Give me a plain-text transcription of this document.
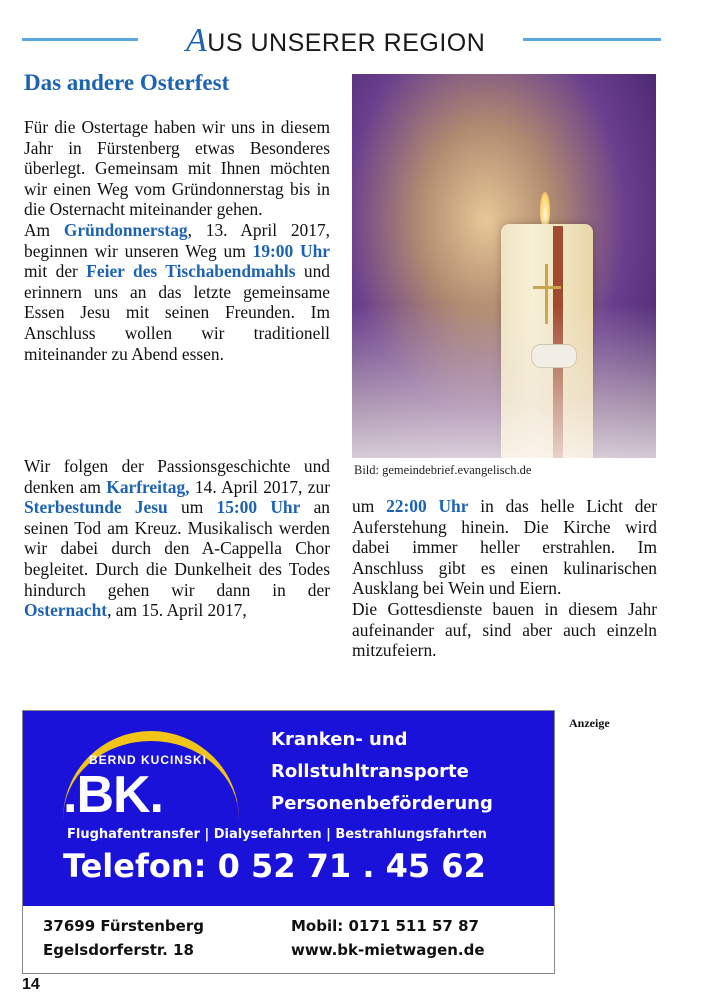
AUS UNSERER REGION
Das andere Osterfest
Für die Ostertage haben wir uns in diesem Jahr in Fürstenberg etwas Besonderes überlegt. Gemeinsam mit Ihnen möchten wir einen Weg vom Gründonnerstag bis in die Osternacht miteinander gehen.
Am Gründonnerstag, 13. April 2017, beginnen wir unseren Weg um 19:00 Uhr mit der Feier des Tischabendmahls und erinnern uns an das letzte gemeinsame Essen Jesu mit seinen Freunden. Im Anschluss wollen wir traditionell miteinander zu Abend essen.
Wir folgen der Passionsgeschichte und denken am Karfreitag, 14. April 2017, zur Sterbestunde Jesu um 15:00 Uhr an seinen Tod am Kreuz. Musikalisch werden wir dabei durch den A-Cappella Chor begleitet. Durch die Dunkelheit des Todes hindurch gehen wir dann in der Osternacht, am 15. April 2017,
Bild: gemeindebrief.evangelisch.de
um 22:00 Uhr in das helle Licht der Auferstehung hinein. Die Kirche wird dabei immer heller erstrahlen. Im Anschluss gibt es einen kulinarischen Ausklang bei Wein und Eiern.
Die Gottesdienste bauen in diesem Jahr aufeinander auf, sind aber auch einzeln mitzufeiern.
BERND KUCINSKI
.BK.
Kranken- und
Rollstuhltransporte
Personenbeförderung
Flughafentransfer | Dialysefahrten | Bestrahlungsfahrten
Telefon: 0 52 71 . 45 62
37699 Fürstenberg
Egelsdorferstr. 18
Mobil: 0171 511 57 87
www.bk-mietwagen.de
Anzeige
14
